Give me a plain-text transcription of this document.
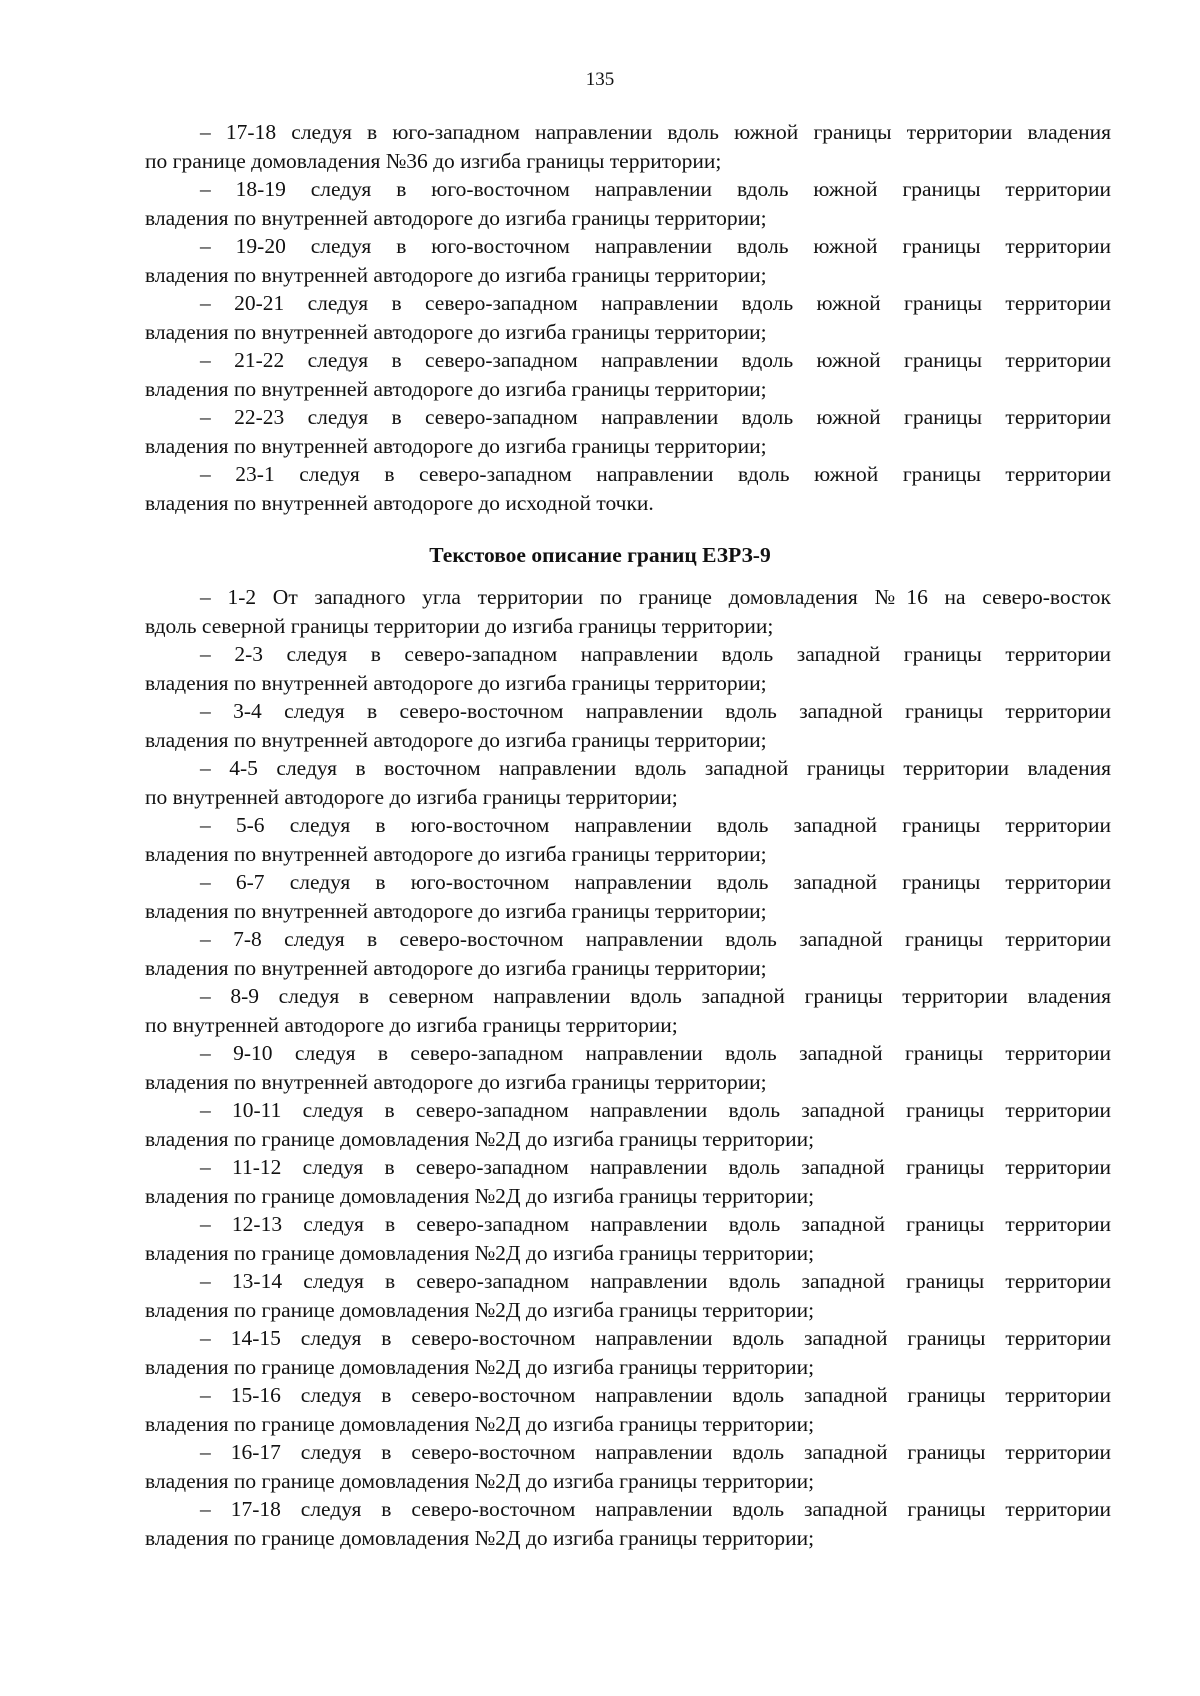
135

– 17-18 следуя в юго-западном направлении вдоль южной границы территории владения
по границе домовладения №36 до изгиба границы территории;

– 18-19 следуя в юго-восточном направлении вдоль южной границы территории
владения по внутренней автодороге до изгиба границы территории;

– 19-20 следуя в юго-восточном направлении вдоль южной границы территории
владения по внутренней автодороге до изгиба границы территории;

– 20-21 следуя в северо-западном направлении вдоль южной границы территории
владения по внутренней автодороге до изгиба границы территории;

– 21-22 следуя в северо-западном направлении вдоль южной границы территории
владения по внутренней автодороге до изгиба границы территории;

– 22-23 следуя в северо-западном направлении вдоль южной границы территории
владения по внутренней автодороге до изгиба границы территории;

– 23-1 следуя в северо-западном направлении вдоль южной границы территории
владения по внутренней автодороге до исходной точки.

Текстовое описание границ ЕЗРЗ-9

– 1-2 От западного угла территории по границе домовладения №16 на северо-восток
вдоль северной границы территории до изгиба границы территории;

– 2-3 следуя в северо-западном направлении вдоль западной границы территории
владения по внутренней автодороге до изгиба границы территории;

– 3-4 следуя в северо-восточном направлении вдоль западной границы территории
владения по внутренней автодороге до изгиба границы территории;

– 4-5 следуя в восточном направлении вдоль западной границы территории владения
по внутренней автодороге до изгиба границы территории;

– 5-6 следуя в юго-восточном направлении вдоль западной границы территории
владения по внутренней автодороге до изгиба границы территории;

– 6-7 следуя в юго-восточном направлении вдоль западной границы территории
владения по внутренней автодороге до изгиба границы территории;

– 7-8 следуя в северо-восточном направлении вдоль западной границы территории
владения по внутренней автодороге до изгиба границы территории;

– 8-9 следуя в северном направлении вдоль западной границы территории владения
по внутренней автодороге до изгиба границы территории;

– 9-10 следуя в северо-западном направлении вдоль западной границы территории
владения по внутренней автодороге до изгиба границы территории;

– 10-11 следуя в северо-западном направлении вдоль западной границы территории
владения по границе домовладения №2Д до изгиба границы территории;

– 11-12 следуя в северо-западном направлении вдоль западной границы территории
владения по границе домовладения №2Д до изгиба границы территории;

– 12-13 следуя в северо-западном направлении вдоль западной границы территории
владения по границе домовладения №2Д до изгиба границы территории;

– 13-14 следуя в северо-западном направлении вдоль западной границы территории
владения по границе домовладения №2Д до изгиба границы территории;

– 14-15 следуя в северо-восточном направлении вдоль западной границы территории
владения по границе домовладения №2Д до изгиба границы территории;

– 15-16 следуя в северо-восточном направлении вдоль западной границы территории
владения по границе домовладения №2Д до изгиба границы территории;

– 16-17 следуя в северо-восточном направлении вдоль западной границы территории
владения по границе домовладения №2Д до изгиба границы территории;

– 17-18 следуя в северо-восточном направлении вдоль западной границы территории
владения по границе домовладения №2Д до изгиба границы территории;
